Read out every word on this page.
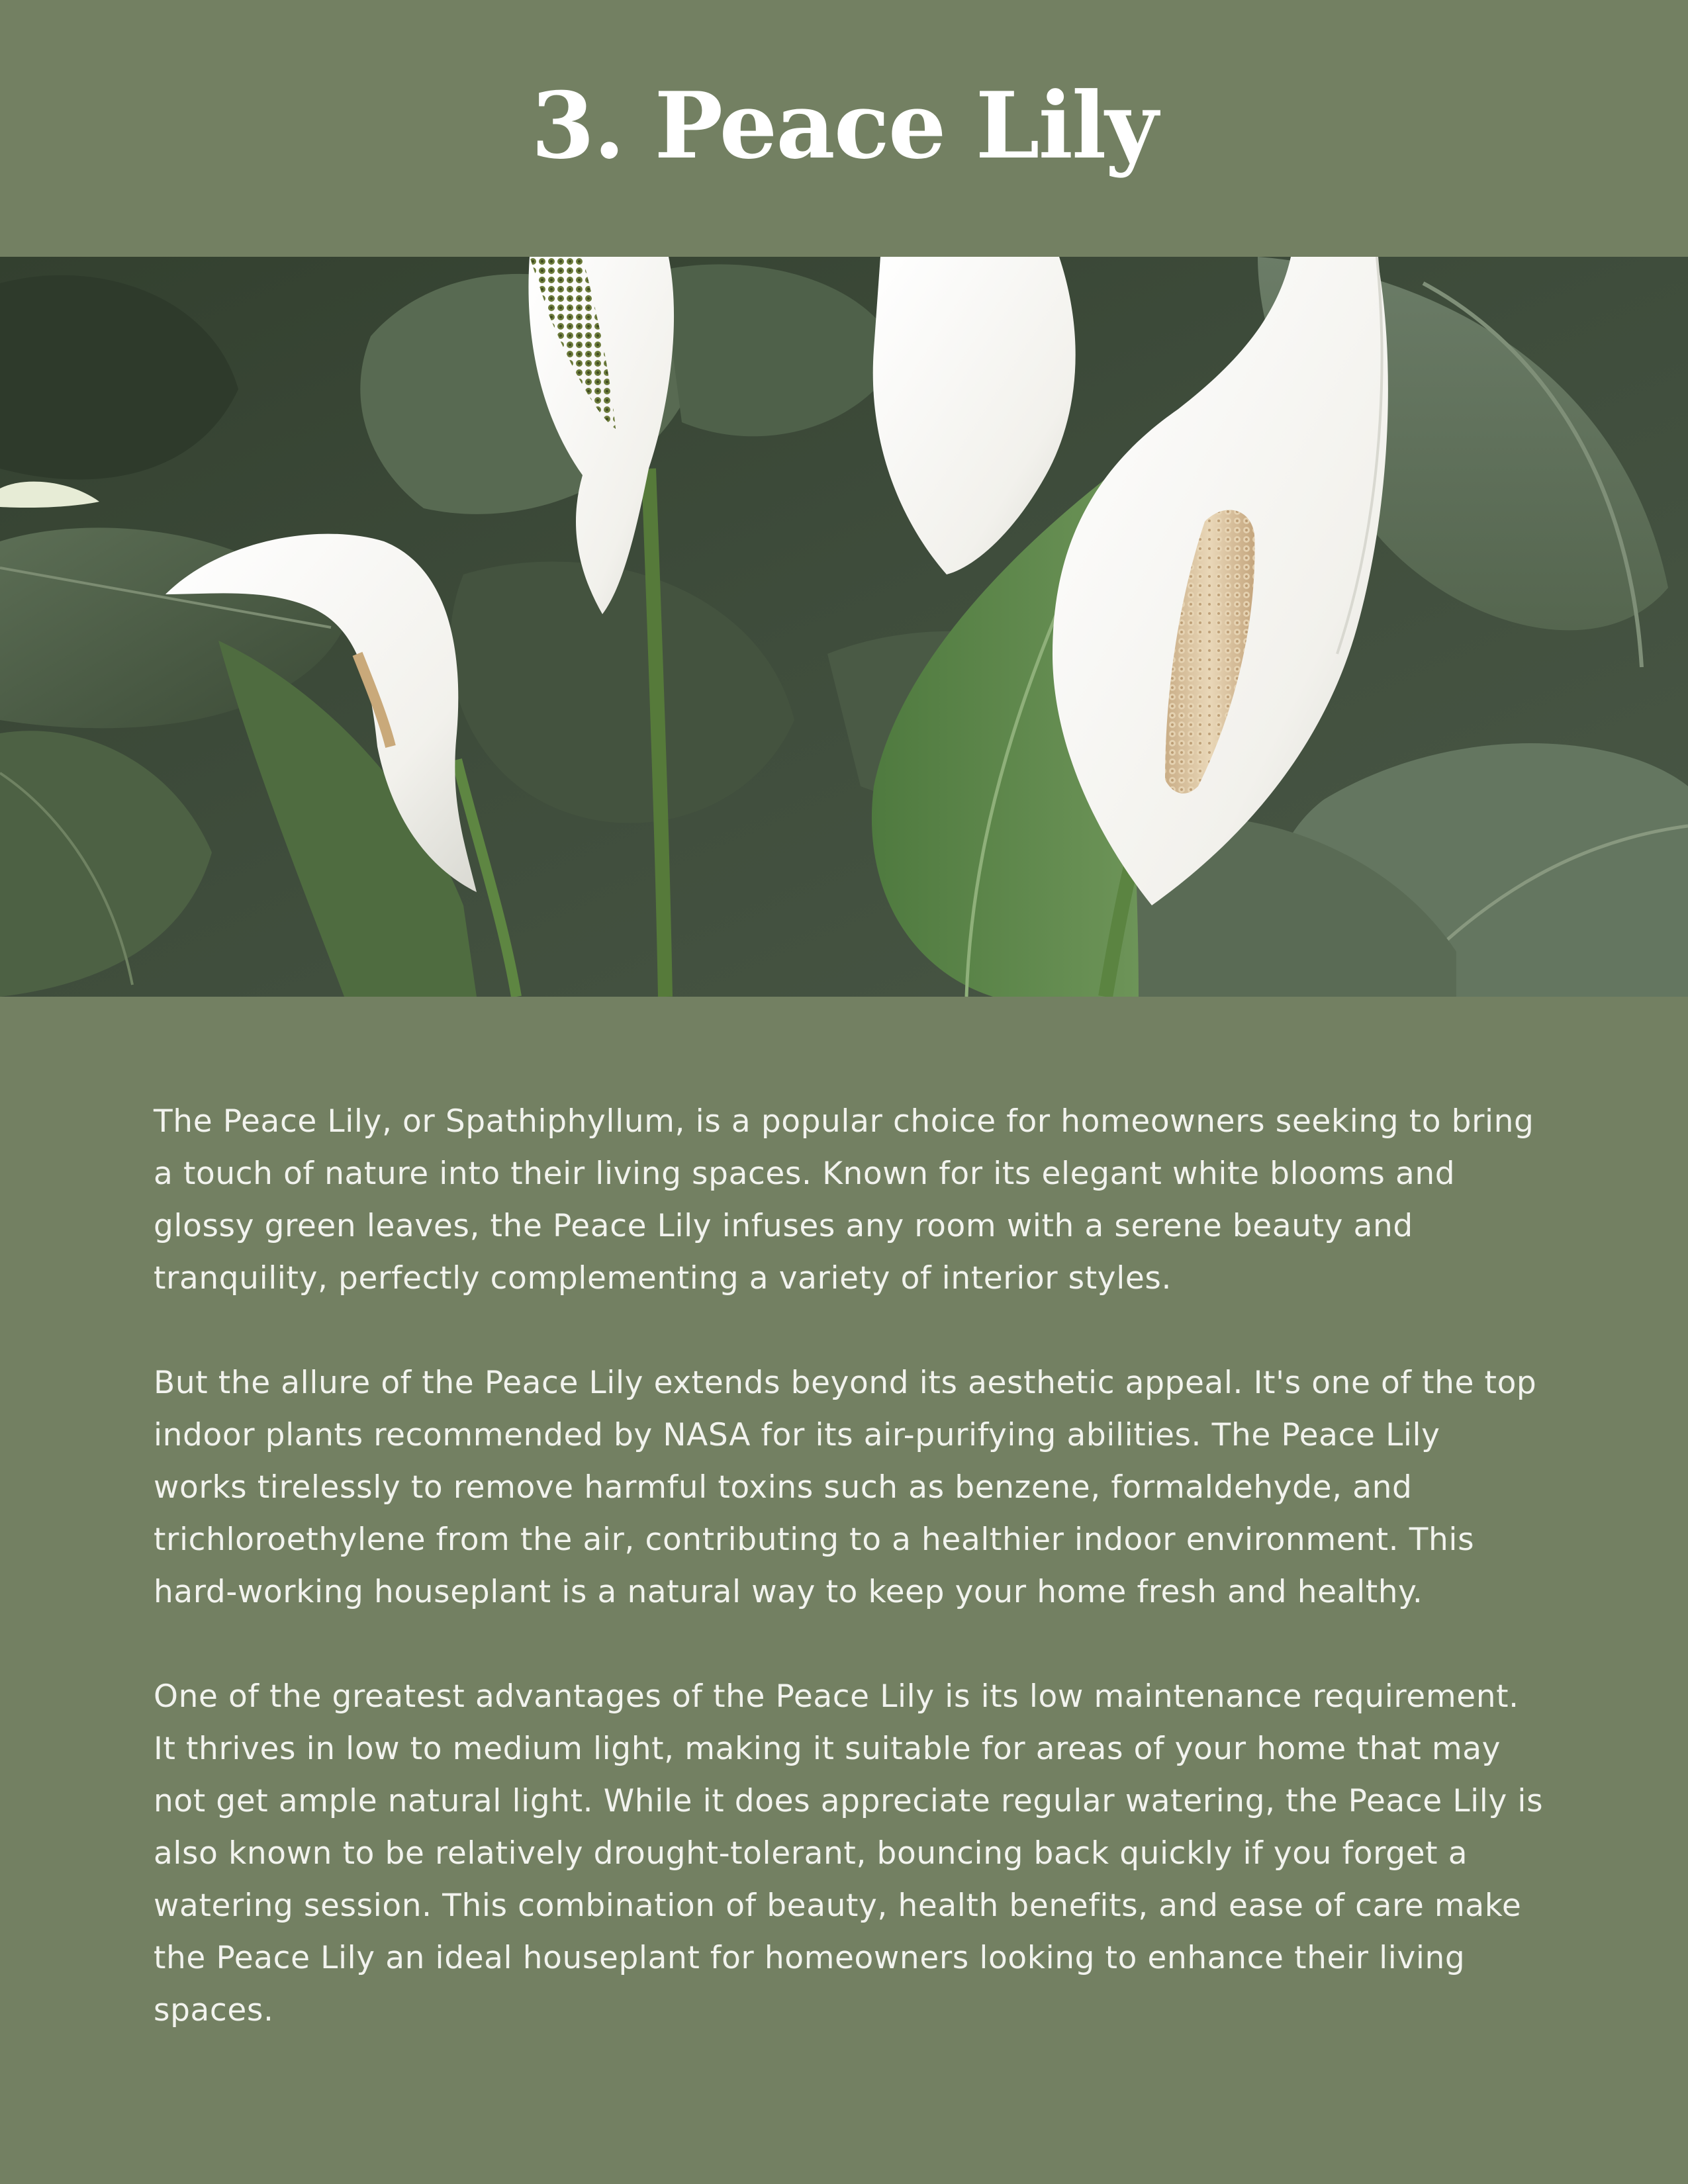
3. Peace Lily

The Peace Lily, or Spathiphyllum, is a popular choice for homeowners seeking to bring a touch of nature into their living spaces. Known for its elegant white blooms and glossy green leaves, the Peace Lily infuses any room with a serene beauty and tranquility, perfectly complementing a variety of interior styles.

But the allure of the Peace Lily extends beyond its aesthetic appeal. It's one of the top indoor plants recommended by NASA for its air-purifying abilities. The Peace Lily works tirelessly to remove harmful toxins such as benzene, formaldehyde, and trichloroethylene from the air, contributing to a healthier indoor environment. This hard-working houseplant is a natural way to keep your home fresh and healthy.

One of the greatest advantages of the Peace Lily is its low maintenance requirement. It thrives in low to medium light, making it suitable for areas of your home that may not get ample natural light. While it does appreciate regular watering, the Peace Lily is also known to be relatively drought-tolerant, bouncing back quickly if you forget a watering session. This combination of beauty, health benefits, and ease of care make the Peace Lily an ideal houseplant for homeowners looking to enhance their living spaces.
